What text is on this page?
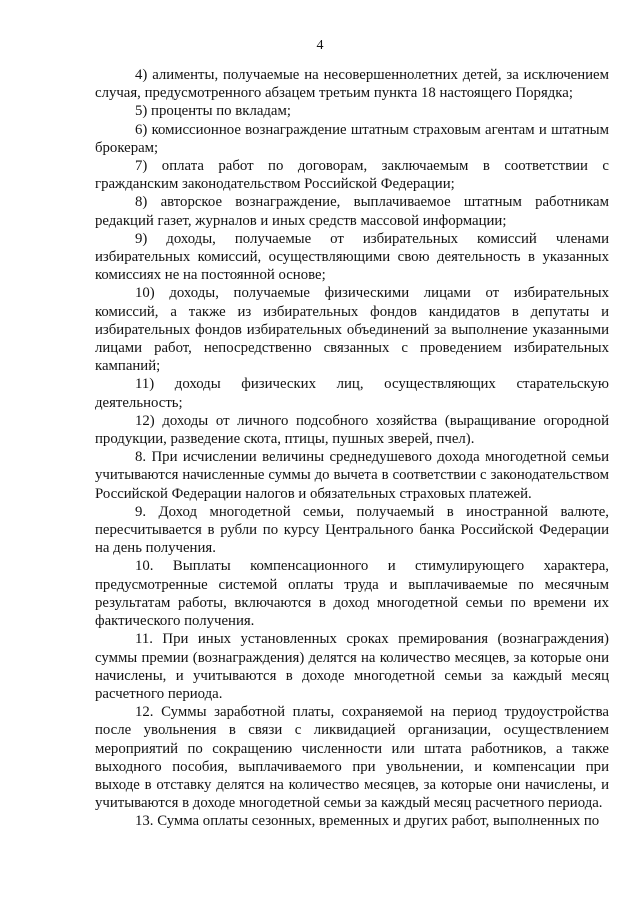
4

4) алименты, получаемые на несовершеннолетних детей, за исключением случая, предусмотренного абзацем третьим пункта 18 настоящего Порядка;

5) проценты по вкладам;

6) комиссионное вознаграждение штатным страховым агентам и штатным брокерам;

7) оплата работ по договорам, заключаемым в соответствии с гражданским законодательством Российской Федерации;

8) авторское вознаграждение, выплачиваемое штатным работникам редакций газет, журналов и иных средств массовой информации;

9) доходы, получаемые от избирательных комиссий членами избирательных комиссий, осуществляющими свою деятельность в указанных комиссиях не на постоянной основе;

10) доходы, получаемые физическими лицами от избирательных комиссий, а также из избирательных фондов кандидатов в депутаты и избирательных фондов избирательных объединений за выполнение указанными лицами работ, непосредственно связанных с проведением избирательных кампаний;

11) доходы физических лиц, осуществляющих старательскую деятельность;

12) доходы от личного подсобного хозяйства (выращивание огородной продукции, разведение скота, птицы, пушных зверей, пчел).

8. При исчислении величины среднедушевого дохода многодетной семьи учитываются начисленные суммы до вычета в соответствии с законодательством Российской Федерации налогов и обязательных страховых платежей.

9. Доход многодетной семьи, получаемый в иностранной валюте, пересчитывается в рубли по курсу Центрального банка Российской Федерации на день получения.

10. Выплаты компенсационного и стимулирующего характера, предусмотренные системой оплаты труда и выплачиваемые по месячным результатам работы, включаются в доход многодетной семьи по времени их фактического получения.

11. При иных установленных сроках премирования (вознаграждения) суммы премии (вознаграждения) делятся на количество месяцев, за которые они начислены, и учитываются в доходе многодетной семьи за каждый месяц расчетного периода.

12. Суммы заработной платы, сохраняемой на период трудоустройства после увольнения в связи с ликвидацией организации, осуществлением мероприятий по сокращению численности или штата работников, а также выходного пособия, выплачиваемого при увольнении, и компенсации при выходе в отставку делятся на количество месяцев, за которые они начислены, и учитываются в доходе многодетной семьи за каждый месяц расчетного периода.

13. Сумма оплаты сезонных, временных и других работ, выполненных по
